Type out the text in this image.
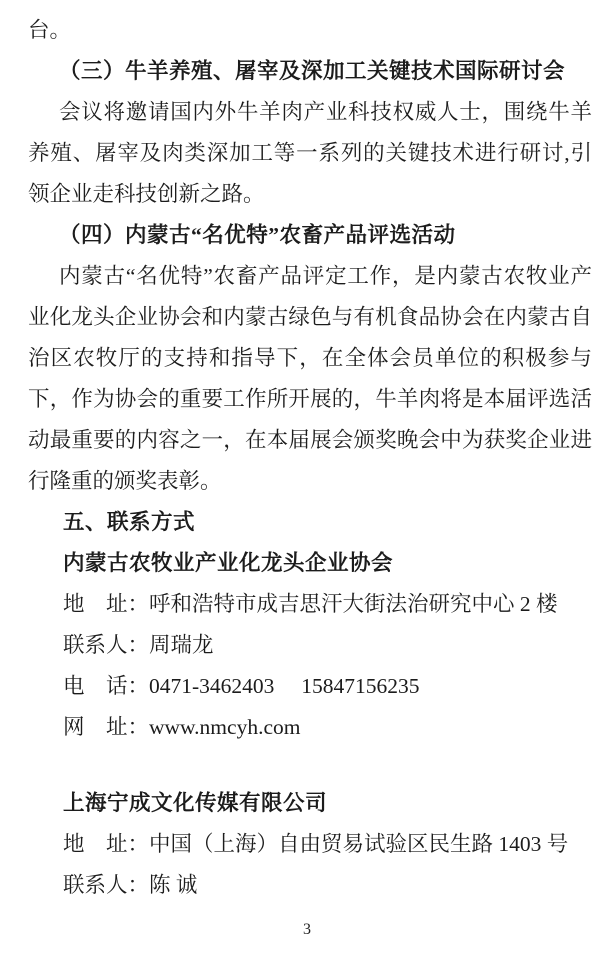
台。

（三）牛羊养殖、屠宰及深加工关键技术国际研讨会

会议将邀请国内外牛羊肉产业科技权威人士，围绕牛羊养殖、屠宰及肉类深加工等一系列的关键技术进行研讨,引领企业走科技创新之路。

（四）内蒙古“名优特”农畜产品评选活动

内蒙古“名优特”农畜产品评定工作，是内蒙古农牧业产业化龙头企业协会和内蒙古绿色与有机食品协会在内蒙古自治区农牧厅的支持和指导下，在全体会员单位的积极参与下，作为协会的重要工作所开展的，牛羊肉将是本届评选活动最重要的内容之一，在本届展会颁奖晚会中为获奖企业进行隆重的颁奖表彰。

五、联系方式

内蒙古农牧业产业化龙头企业协会

地　址：呼和浩特市成吉思汗大街法治研究中心 2 楼

联系人：周瑞龙

电　话：0471-3462403　 15847156235

网　址：www.nmcyh.com

上海宁成文化传媒有限公司

地　址：中国（上海）自由贸易试验区民生路 1403 号

联系人：陈 诚

3
